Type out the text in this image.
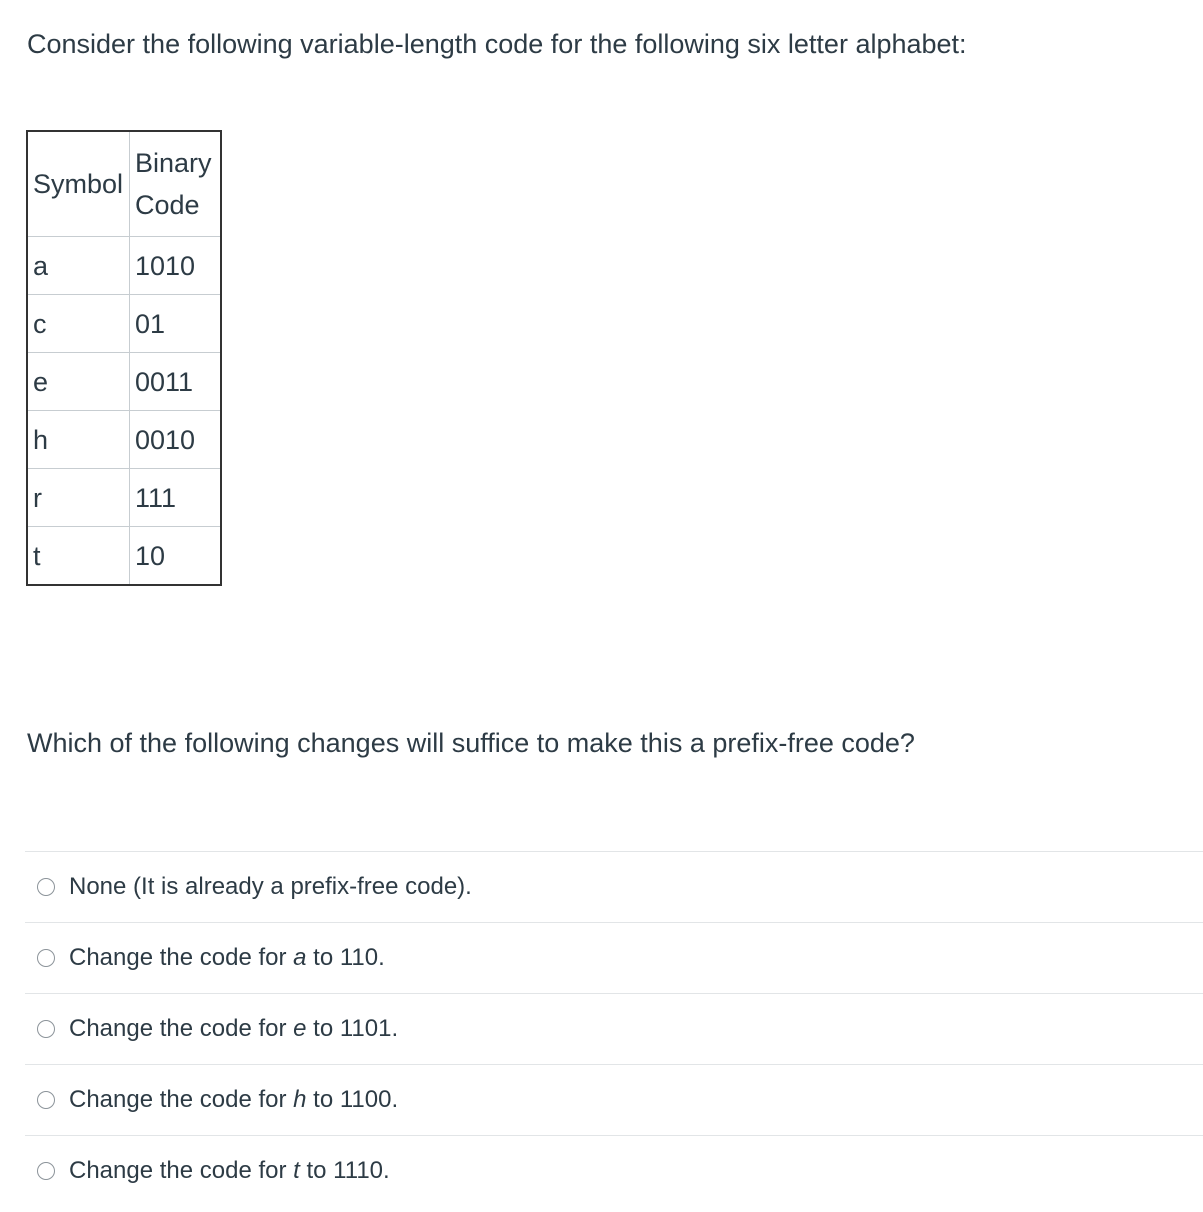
Consider the following variable-length code for the following six letter alphabet:
Symbol	Binary
Code
a	1010
c	01
e	0011
h	0010
r	111
t	10
Which of the following changes will suffice to make this a prefix-free code?
None (It is already a prefix-free code).
Change the code for a to 110.
Change the code for e to 1101.
Change the code for h to 1100.
Change the code for t to 1110.
